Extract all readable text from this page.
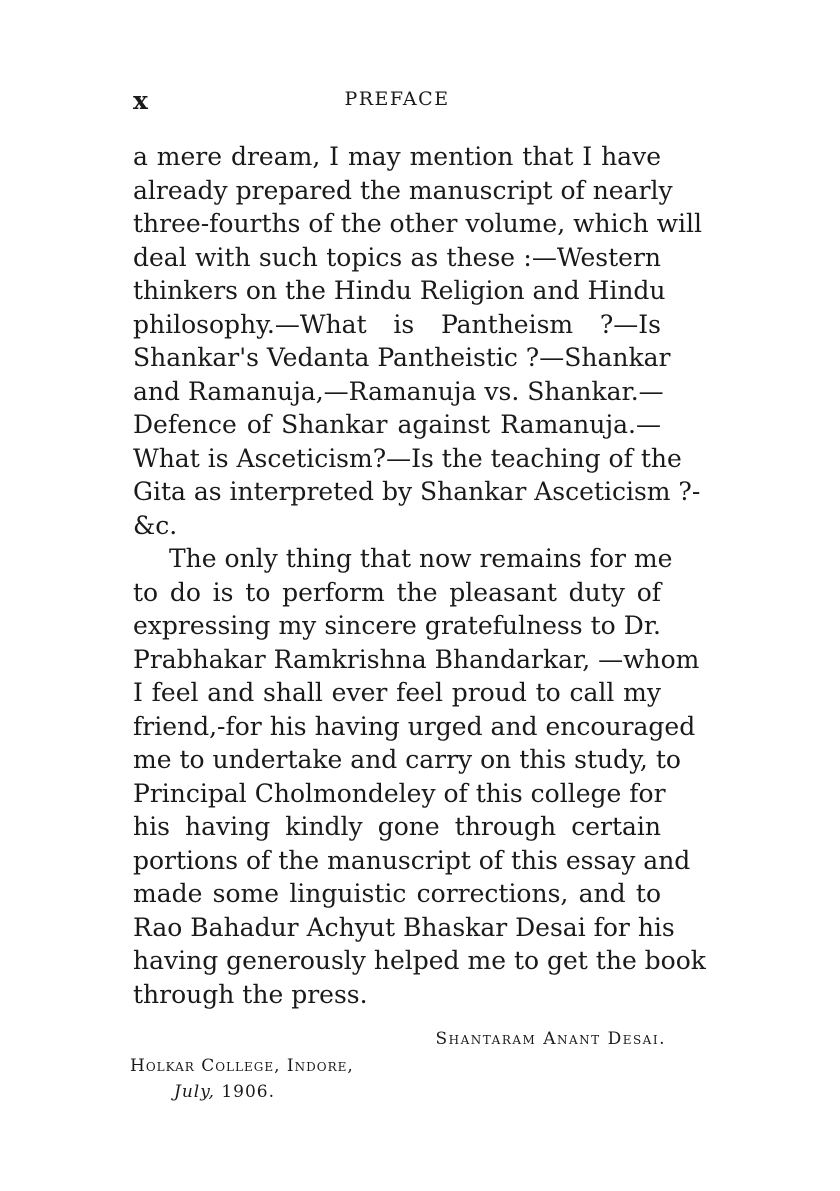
x	PREFACE
a mere dream, I may mention that I have
already prepared the manuscript of nearly
three-fourths of the other volume, which will
deal with such topics as these :—Western
thinkers on the Hindu Religion and Hindu
philosophy.—What is Pantheism ?—Is
Shankar's Vedanta Pantheistic ?—Shankar
and Ramanuja,—Ramanuja vs. Shankar.—
Defence of Shankar against Ramanuja.—
What is Asceticism?—Is the teaching of the
Gita as interpreted by Shankar Asceticism ?-
&c.
The only thing that now remains for me
to do is to perform the pleasant duty of
expressing my sincere gratefulness to Dr.
Prabhakar Ramkrishna Bhandarkar, —whom
I feel and shall ever feel proud to call my
friend,-for his having urged and encouraged
me to undertake and carry on this study, to
Principal Cholmondeley of this college for
his having kindly gone through certain
portions of the manuscript of this essay and
made some linguistic corrections, and to
Rao Bahadur Achyut Bhaskar Desai for his
having generously helped me to get the book
through the press.
Shantaram Anant Desai.
Holkar College, Indore,
July, 1906.
